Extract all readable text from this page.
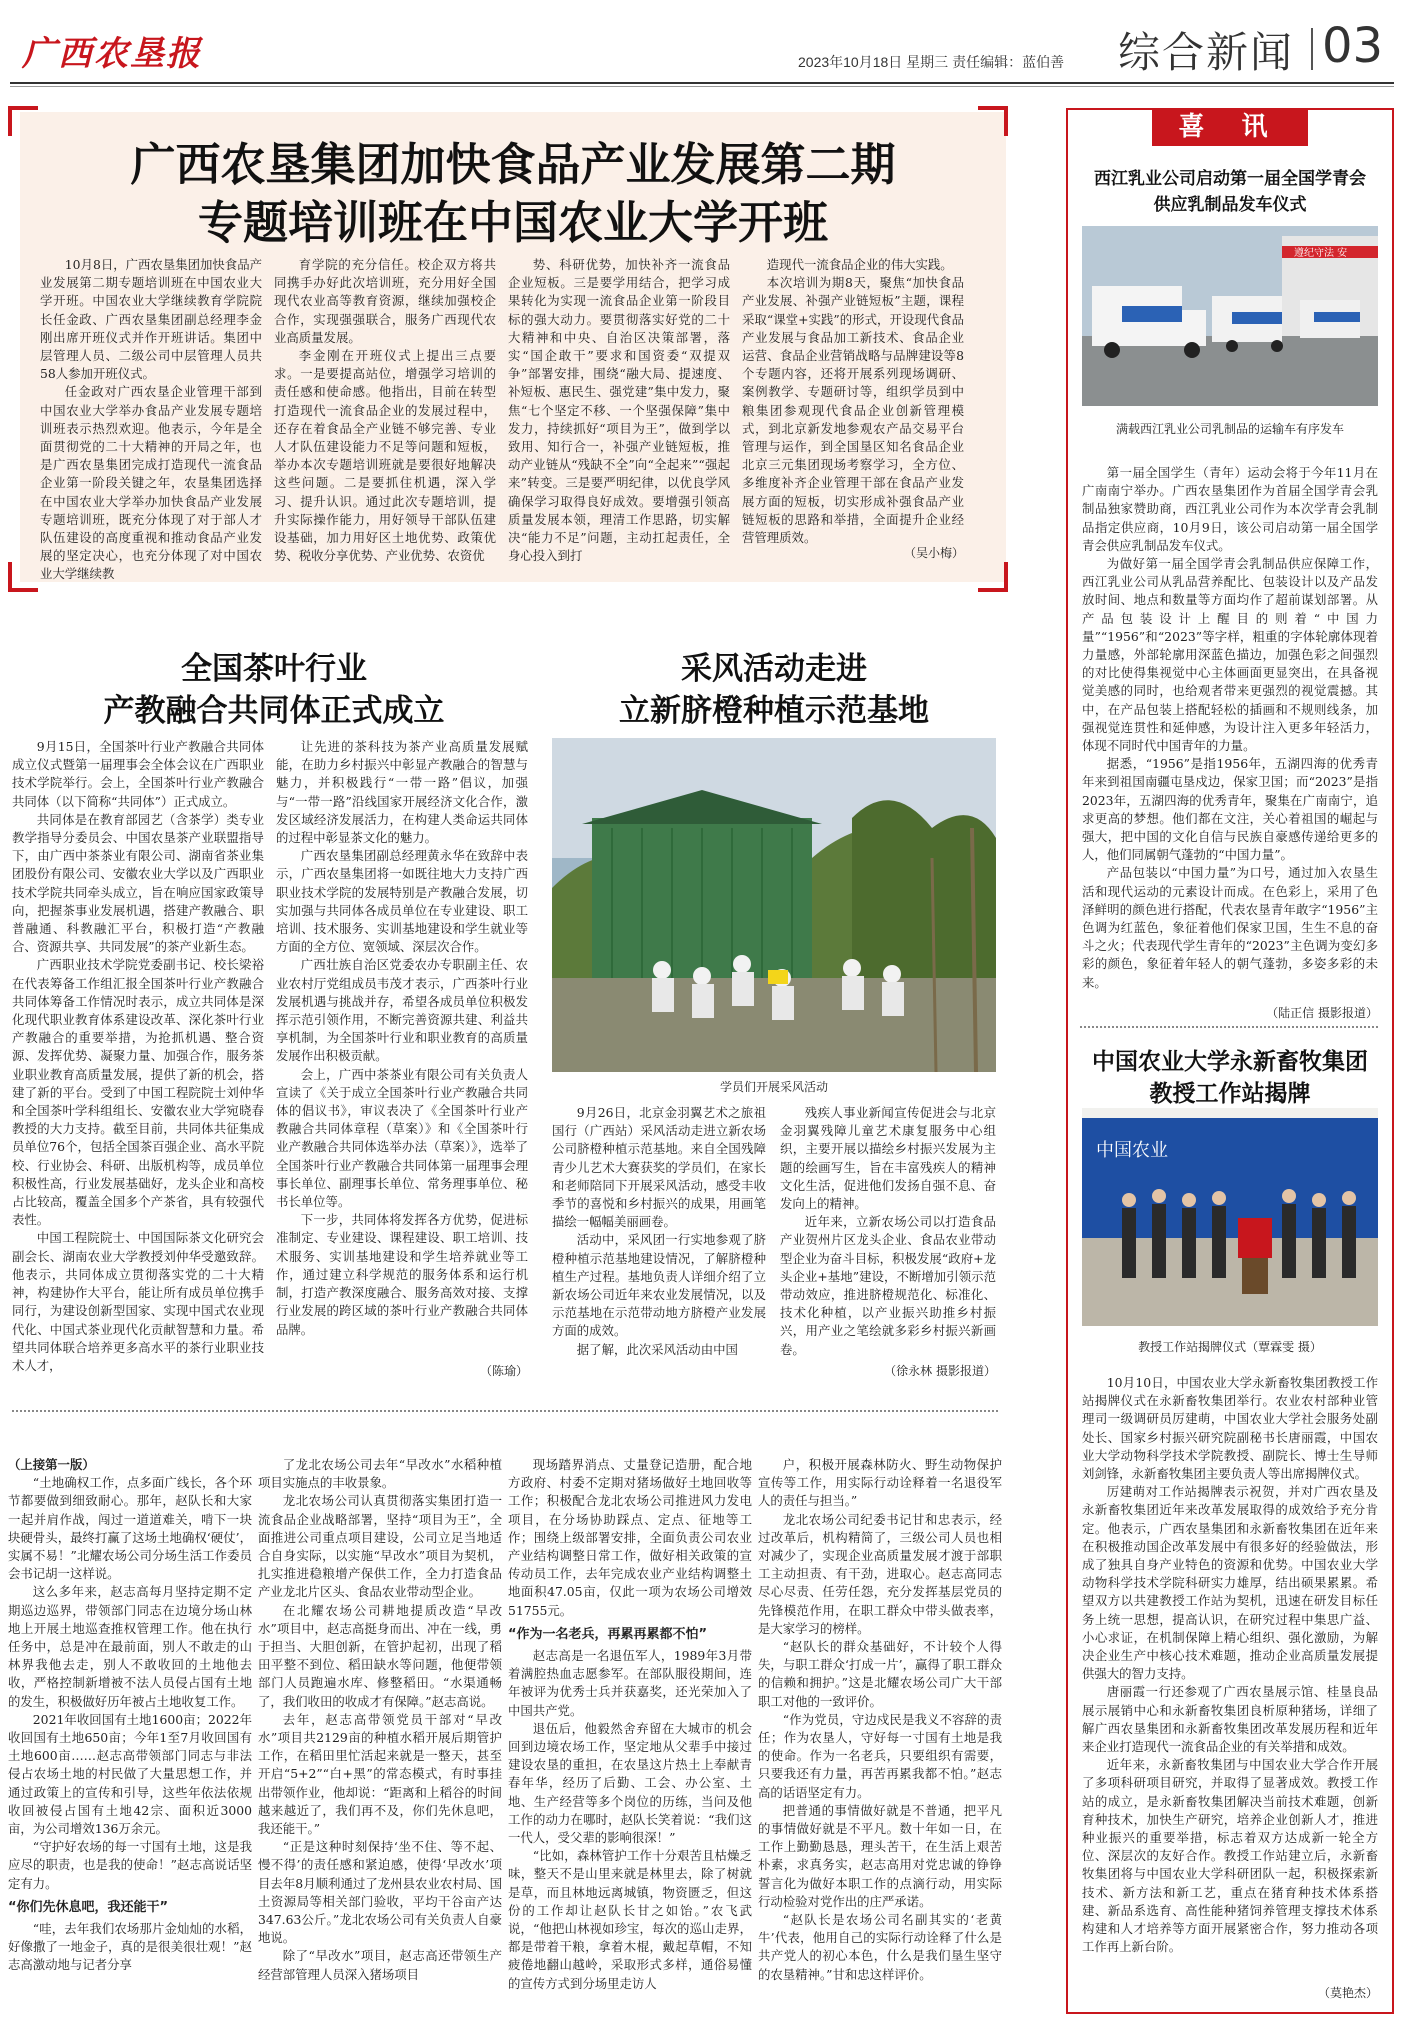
广西农垦报	2023年10月18日 星期三 责任编辑：蓝伯善 综合新闻 03
广西农垦集团加快食品产业发展第二期
专题培训班在中国农业大学开班

10月8日，广西农垦集团加快食品产业发展第二期专题培训班在中国农业大学开班。中国农业大学继续教育学院院长任金政、广西农垦集团副总经理李金刚出席开班仪式并作开班讲话。集团中层管理人员、二级公司中层管理人员共58人参加开班仪式。

任金政对广西农垦企业管理干部到中国农业大学举办食品产业发展专题培训班表示热烈欢迎。他表示，今年是全面贯彻党的二十大精神的开局之年，也是广西农垦集团完成打造现代一流食品企业第一阶段关键之年，农垦集团选择在中国农业大学举办加快食品产业发展专题培训班，既充分体现了对于部人才队伍建设的高度重视和推动食品产业发展的坚定决心，也充分体现了对中国农业大学继续教

育学院的充分信任。校企双方将共同携手办好此次培训班，充分用好全国现代农业高等教育资源，继续加强校企合作，实现强强联合，服务广西现代农业高质量发展。

李金刚在开班仪式上提出三点要求。一是要提高站位，增强学习培训的责任感和使命感。他指出，目前在转型打造现代一流食品企业的发展过程中，还存在着食品全产业链不够完善、专业人才队伍建设能力不足等问题和短板，举办本次专题培训班就是要很好地解决这些问题。二是要抓住机遇，深入学习、提升认识。通过此次专题培训，提升实际操作能力，用好领导干部队伍建设基础，加力用好区土地优势、政策优势、税收分享优势、产业优势、农资优

势、科研优势，加快补齐一流食品企业短板。三是要学用结合，把学习成果转化为实现一流食品企业第一阶段目标的强大动力。要贯彻落实好党的二十大精神和中央、自治区决策部署，落实“国企敢干”要求和国资委“双提双争”部署安排，围绕“融大局、提速度、补短板、惠民生、强党建”集中发力，聚焦“七个坚定不移、一个坚强保障”集中发力，持续抓好“项目为王”，做到学以致用、知行合一，补强产业链短板，推动产业链从“残缺不全”向“全起来”“强起来”转变。三是要严明纪律，以优良学风确保学习取得良好成效。要增强引领高质量发展本领，理清工作思路，切实解决“能力不足”问题，主动扛起责任，全身心投入到打

造现代一流食品企业的伟大实践。

本次培训为期8天，聚焦“加快食品产业发展、补强产业链短板”主题，课程采取“课堂+实践”的形式，开设现代食品产业发展与食品加工新技术、食品企业运营、食品企业营销战略与品牌建设等8个专题内容，还将开展系列现场调研、案例教学、专题研讨等，组织学员到中粮集团参观现代食品企业创新管理模式，到北京新发地参观农产品交易平台管理与运作，到全国垦区知名食品企业北京三元集团现场考察学习，全方位、多维度补齐企业管理干部在食品产业发展方面的短板，切实形成补强食品产业链短板的思路和举措，全面提升企业经营管理质效。

（吴小梅）
全国茶叶行业
产教融合共同体正式成立

9月15日，全国茶叶行业产教融合共同体成立仪式暨第一届理事会全体会议在广西职业技术学院举行。会上，全国茶叶行业产教融合共同体（以下简称“共同体”）正式成立。

共同体是在教育部园艺（含茶学）类专业教学指导分委员会、中国农垦茶产业联盟指导下，由广西中茶茶业有限公司、湖南省茶业集团股份有限公司、安徽农业大学以及广西职业技术学院共同牵头成立，旨在响应国家政策导向，把握茶事业发展机遇，搭建产教融合、职普融通、科教融汇平台，积极打造“产教融合、资源共享、共同发展”的茶产业新生态。

广西职业技术学院党委副书记、校长梁裕在代表筹备工作组汇报全国茶叶行业产教融合共同体筹备工作情况时表示，成立共同体是深化现代职业教育体系建设改革、深化茶叶行业产教融合的重要举措，为抢抓机遇、整合资源、发挥优势、凝聚力量、加强合作，服务茶业职业教育高质量发展，提供了新的机会，搭建了新的平台。受到了中国工程院院士刘仲华和全国茶叶学科组组长、安徽农业大学宛晓春教授的大力支持。截至目前，共同体共征集成员单位76个，包括全国茶百强企业、高水平院校、行业协会、科研、出版机构等，成员单位积极性高，行业发展基础好，龙头企业和高校占比较高，覆盖全国多个产茶省，具有较强代表性。

中国工程院院士、中国国际茶文化研究会副会长、湖南农业大学教授刘仲华受邀致辞。他表示，共同体成立贯彻落实党的二十大精神，构建协作大平台，能让所有成员单位携手同行，为建设创新型国家、实现中国式农业现代化、中国式茶业现代化贡献智慧和力量。希望共同体联合培养更多高水平的茶行业职业技术人才，

让先进的茶科技为茶产业高质量发展赋能，在助力乡村振兴中彰显产教融合的智慧与魅力，并积极践行“一带一路”倡议，加强与“一带一路”沿线国家开展经济文化合作，激发区域经济发展活力，在构建人类命运共同体的过程中彰显茶文化的魅力。

广西农垦集团副总经理黄永华在致辞中表示，广西农垦集团将一如既往地大力支持广西职业技术学院的发展特别是产教融合发展，切实加强与共同体各成员单位在专业建设、职工培训、技术服务、实训基地建设和学生就业等方面的全方位、宽领域、深层次合作。

广西壮族自治区党委农办专职副主任、农业农村厅党组成员韦茂才表示，广西茶叶行业发展机遇与挑战并存，希望各成员单位积极发挥示范引领作用，不断完善资源共建、利益共享机制，为全国茶叶行业和职业教育的高质量发展作出积极贡献。

会上，广西中茶茶业有限公司有关负责人宣读了《关于成立全国茶叶行业产教融合共同体的倡议书》，审议表决了《全国茶叶行业产教融合共同体章程（草案）》和《全国茶叶行业产教融合共同体选举办法（草案）》，选举了全国茶叶行业产教融合共同体第一届理事会理事长单位、副理事长单位、常务理事单位、秘书长单位等。

下一步，共同体将发挥各方优势，促进标准制定、专业建设、课程建设、职工培训、技术服务、实训基地建设和学生培养就业等工作，通过建立科学规范的服务体系和运行机制，打造产教深度融合、服务高效对接、支撑行业发展的跨区域的茶叶行业产教融合共同体品牌。

（陈瑜）
采风活动走进
立新脐橙种植示范基地
学员们开展采风活动

9月26日，北京金羽翼艺术之旅祖国行（广西站）采风活动走进立新农场公司脐橙种植示范基地。来自全国残障青少儿艺术大赛获奖的学员们，在家长和老师陪同下开展采风活动，感受丰收季节的喜悦和乡村振兴的成果，用画笔描绘一幅幅美丽画卷。

活动中，采风团一行实地参观了脐橙种植示范基地建设情况，了解脐橙种植生产过程。基地负责人详细介绍了立新农场公司近年来农业发展情况，以及示范基地在示范带动地方脐橙产业发展方面的成效。

据了解，此次采风活动由中国

残疾人事业新闻宣传促进会与北京金羽翼残障儿童艺术康复服务中心组织，主要开展以描绘乡村振兴发展为主题的绘画写生，旨在丰富残疾人的精神文化生活，促进他们发扬自强不息、奋发向上的精神。

近年来，立新农场公司以打造食品产业贺州片区龙头企业、食品农业带动型企业为奋斗目标，积极发展“政府+龙头企业+基地”建设，不断增加引领示范带动效应，推进脐橙规范化、标准化、技术化种植，以产业振兴助推乡村振兴，用产业之笔绘就多彩乡村振兴新画卷。

（徐永林 摄影报道）
（上接第一版）

“土地确权工作，点多面广线长，各个环节都要做到细致耐心。那年，赵队长和大家一起并肩作战，闯过一道道难关，啃下一块块硬骨头，最终打赢了这场土地确权‘硬仗’，实属不易！”北耀农场公司分场生活工作委员会书记胡一这样说。

这么多年来，赵志高每月坚持定期不定期巡边巡界，带领部门同志在边境分场山林地上开展土地巡查推权管理工作。他在执行任务中，总是冲在最前面，别人不敢走的山林界我他去走，别人不敢收回的土地他去收，严格控制新增被不法人员侵占国有土地的发生，积极做好历年被占土地收复工作。

2021年收回国有土地1600亩；2022年收回国有土地650亩；今年1至7月收回国有土地600亩……赵志高带领部门同志与非法侵占农场土地的村民做了大量思想工作，并通过政策上的宣传和引导，这些年依法依规收回被侵占国有土地42宗、面积近3000亩，为公司增效136万余元。

“守护好农场的每一寸国有土地，这是我应尽的职责，也是我的使命！”赵志高说话坚定有力。

“你们先休息吧，我还能干”

“哇，去年我们农场那片金灿灿的水稻，好像撒了一地金子，真的是很美很壮观！”赵志高激动地与记者分享

了龙北农场公司去年“早改水”水稻种植项目实施点的丰收景象。

龙北农场公司认真贯彻落实集团打造一流食品企业战略部署，坚持“项目为王”，全面推进公司重点项目建设，公司立足当地适合自身实际，以实施“早改水”项目为契机，扎实推进稳粮增产保供工作，全力打造食品产业龙北片区头、食品农业带动型企业。

在北耀农场公司耕地提质改造“早改水”项目中，赵志高挺身而出、冲在一线，勇于担当、大胆创新，在管护起初，出现了稻田平整不到位、稻田缺水等问题，他便带领部门人员跑遍水库、修整稻田。“水渠通畅了，我们收田的收成才有保障。”赵志高说。

去年，赵志高带领党员干部对“早改水”项目共2129亩的种植水稻开展后期管护工作，在稻田里忙活起来就是一整天，甚至开启“5+2”“白+黑”的常态模式，有时事挂出带领作业，他却说：“距离和上稻谷的时间越来越近了，我们再不及，你们先休息吧，我还能干。”

“正是这种时刻保持‘坐不住、等不起、慢不得’的责任感和紧迫感，使得‘早改水’项目去年8月顺利通过了龙州县农业农村局、国土资源局等相关部门验收，平均干谷亩产达347.63公斤。”龙北农场公司有关负责人自豪地说。

除了“早改水”项目，赵志高还带领生产经营部管理人员深入猪场项目

现场踏界消点、丈量登记造册，配合地方政府、村委不定期对猪场做好土地回收等工作；积极配合龙北农场公司推进风力发电项目，在分场协助踩点、定点、征地等工作；围绕上级部署安排，全面负责公司农业产业结构调整日常工作，做好相关政策的宣传动员工作，去年完成农业产业结构调整土地面积47.05亩，仅此一项为农场公司增效51755元。

“作为一名老兵，再累再累都不怕”

赵志高是一名退伍军人，1989年3月带着满腔热血志愿参军。在部队服役期间，连年被评为优秀士兵并获嘉奖，还光荣加入了中国共产党。

退伍后，他毅然舍弃留在大城市的机会回到边境农场工作，坚定地从父辈手中接过建设农垦的重担，在农垦这片热土上奉献青春年华，经历了后勤、工会、办公室、土地、生产经营等多个岗位的历练，当问及他工作的动力在哪时，赵队长笑着说：“我们这一代人，受父辈的影响很深！”

“比如，森林管护工作十分艰苦且枯燥乏味，整天不是山里来就是林里去，除了树就是草，而且林地远离城镇，物资匮乏，但这份的工作却让赵队长甘之如饴。”农飞武说，“他把山林视如珍宝，每次的巡山走界，都是带着干粮，拿着木棍，戴起草帽，不知疲倦地翻山越岭，采取形式多样，通俗易懂的宣传方式到分场里走访人

户，积极开展森林防火、野生动物保护宣传等工作，用实际行动诠释着一名退役军人的责任与担当。”

龙北农场公司纪委书记甘和忠表示，经过改革后，机构精简了，三级公司人员也相对减少了，实现企业高质量发展才渡于部职工主动担责、有干劲，进取心。赵志高同志尽心尽责、任劳任怨，充分发挥基层党员的先锋模范作用，在职工群众中带头做表率，是大家学习的榜样。

“赵队长的群众基础好，不计较个人得失，与职工群众‘打成一片’，赢得了职工群众的信赖和拥护。”这是北耀农场公司广大干部职工对他的一致评价。

“作为党员，守边戍民是我义不容辞的责任；作为农垦人，守好每一寸国有土地是我的使命。作为一名老兵，只要组织有需要，只要我还有力量，再苦再累我都不怕。”赵志高的话语坚定有力。

把普通的事情做好就是不普通，把平凡的事情做好就是不平凡。数十年如一日，在工作上勤勤恳恳，理头苦干，在生活上艰苦朴素，求真务实，赵志高用对党忠诚的铮铮誓言化为做好本职工作的点滴行动，用实际行动检验对党作出的庄严承诺。

“赵队长是农场公司名副其实的‘老黄牛’代表，他用自己的实际行动诠释了什么是共产党人的初心本色，什么是我们垦生坚守的农垦精神。”甘和忠这样评价。

喜 讯
西江乳业公司启动第一届全国学青会
供应乳制品发车仪式
遵纪守法 安
满载西江乳业公司乳制品的运输车有序发车

第一届全国学生（青年）运动会将于今年11月在广南南宁举办。广西农垦集团作为首届全国学青会乳制品独家赞助商，西江乳业公司作为本次学青会乳制品指定供应商，10月9日，该公司启动第一届全国学青会供应乳制品发车仪式。

为做好第一届全国学青会乳制品供应保障工作，西江乳业公司从乳品营养配比、包装设计以及产品发放时间、地点和数量等方面均作了超前谋划部署。从产品包装设计上醒目的则着“中国力量”“1956”和“2023”等字样，粗重的字体轮廓体现着力量感，外部轮廓用深蓝色描边，加强色彩之间强烈的对比使得集视觉中心主体画面更显突出，在具备视觉美感的同时，也给观者带来更强烈的视觉震撼。其中，在产品包装上搭配轻松的插画和不规则线条，加强视觉连贯性和延伸感，为设计注入更多年轻活力，体现不同时代中国青年的力量。

据悉，“1956”是指1956年，五湖四海的优秀青年来到祖国南疆屯垦戍边，保家卫国；而“2023”是指2023年，五湖四海的优秀青年，聚集在广南南宁，追求更高的梦想。他们都在文注，关心着祖国的崛起与强大，把中国的文化自信与民族自豪感传递给更多的人，他们同属朝气蓬勃的“中国力量”。

产品包装以“中国力量”为口号，通过加入农垦生活和现代运动的元素设计而成。在色彩上，采用了色泽鲜明的颜色进行搭配，代表农垦青年敢字“1956”主色调为红蓝色，象征着他们保家卫国，生生不息的奋斗之火；代表现代学生青年的“2023”主色调为变幻多彩的颜色，象征着年轻人的朝气蓬勃，多姿多彩的未来。

（陆正信 摄影报道）
中国农业大学永新畜牧集团
教授工作站揭牌
中国农业
教授工作站揭牌仪式（覃霖雯 摄）

10月10日，中国农业大学永新畜牧集团教授工作站揭牌仪式在永新畜牧集团举行。农业农村部种业管理司一级调研员厉建萌，中国农业大学社会服务处副处长、国家乡村振兴研究院副秘书长唐丽霞，中国农业大学动物科学技术学院教授、副院长、博士生导师刘剑锋，永新畜牧集团主要负责人等出席揭牌仪式。

厉建萌对工作站揭牌表示祝贺，并对广西农垦及永新畜牧集团近年来改革发展取得的成效给予充分肯定。他表示，广西农垦集团和永新畜牧集团在近年来在积极推动国企改革发展中有很多好的经验做法，形成了独具自身产业特色的资源和优势。中国农业大学动物科学技术学院科研实力雄厚，结出硕果累累。希望双方以共建教授工作站为契机，迅速在研发目标任务上统一思想，提高认识，在研究过程中集思广益、小心求证，在机制保障上精心组织、强化激励，为解决企业生产中核心技术难题，推动企业高质量发展提供强大的智力支持。

唐丽霞一行还参观了广西农垦展示馆、桂垦良品展示展销中心和永新畜牧集团良析原种猪场，详细了解广西农垦集团和永新畜牧集团改革发展历程和近年来企业打造现代一流食品企业的有关举措和成效。

近年来，永新畜牧集团与中国农业大学合作开展了多项科研项目研究，并取得了显著成效。教授工作站的成立，是永新畜牧集团解决当前技术难题，创新育种技术，加快生产研究，培养企业创新人才，推进种业振兴的重要举措，标志着双方达成新一轮全方位、深层次的友好合作。教授工作站建立后，永新畜牧集团将与中国农业大学科研团队一起，积极探索新技术、新方法和新工艺，重点在猪育种技术体系搭建、新品系选育、高性能种猪饲养管理支撑技术体系构建和人才培养等方面开展紧密合作，努力推动各项工作再上新台阶。

（莫艳杰）
